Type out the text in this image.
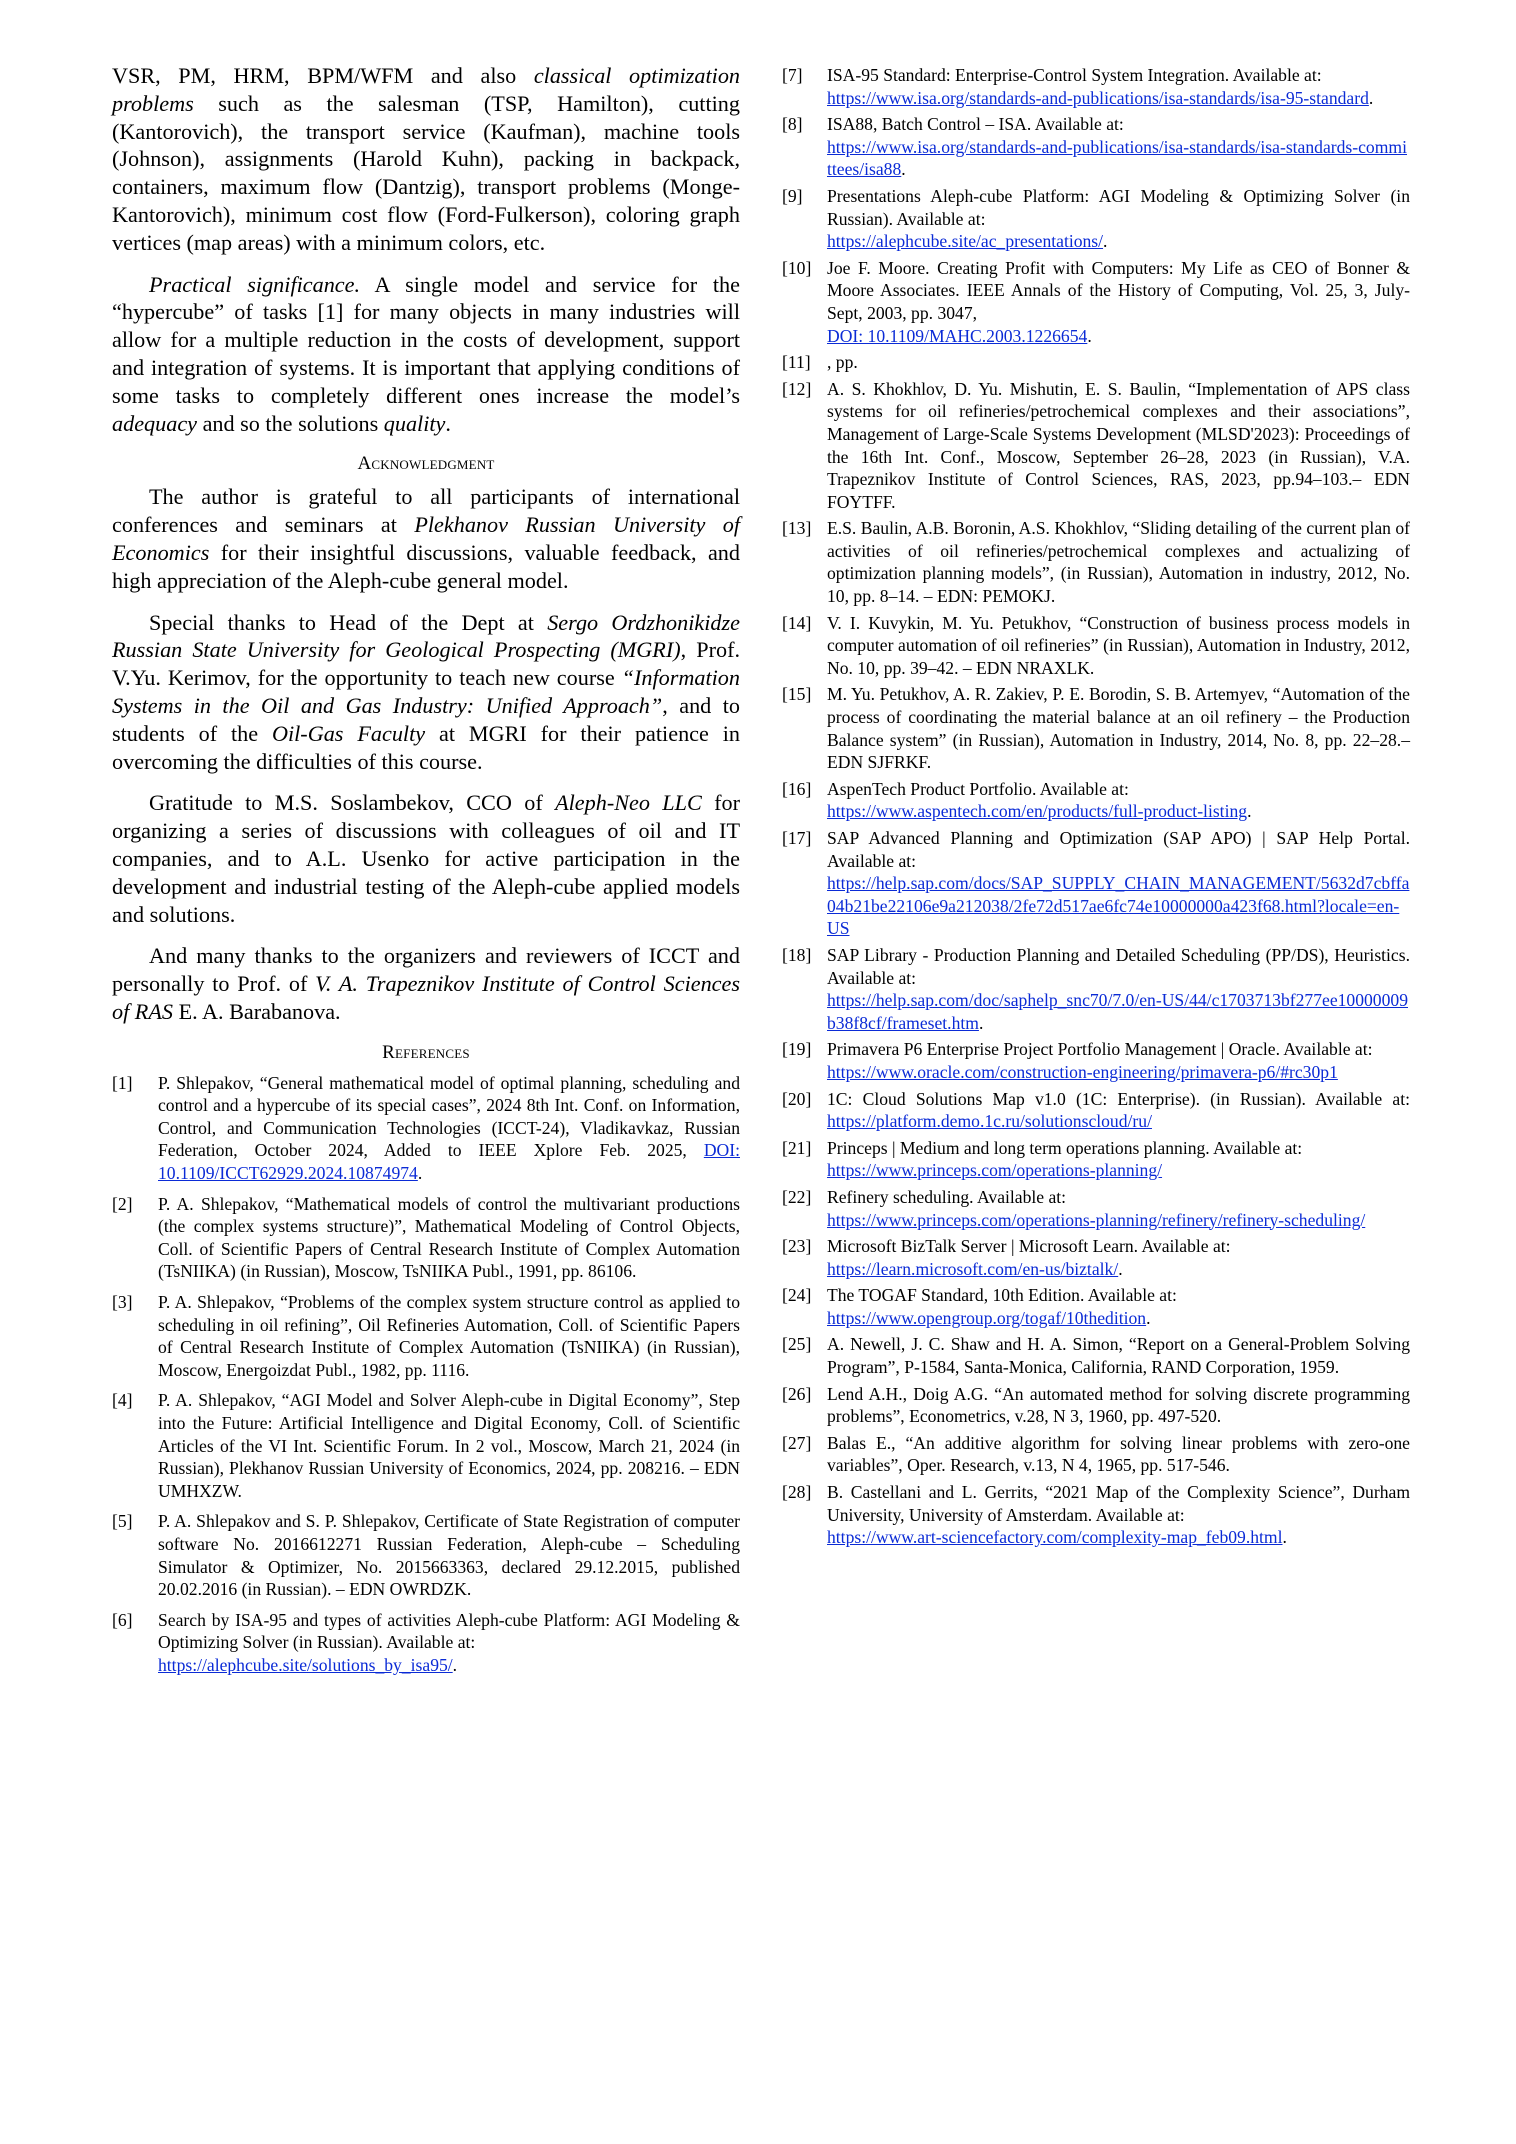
VSR, PM, HRM, BPM/WFM and also classical optimization problems such as the salesman (TSP, Hamilton), cutting (Kantorovich), the transport service (Kaufman), machine tools (Johnson), assignments (Harold Kuhn), packing in backpack, containers, maximum flow (Dantzig), transport problems (Monge-Kantorovich), minimum cost flow (Ford-Fulkerson), coloring graph vertices (map areas) with a minimum colors, etc.

Practical significance. A single model and service for the “hypercube” of tasks [1] for many objects in many industries will allow for a multiple reduction in the costs of development, support and integration of systems. It is important that applying conditions of some tasks to completely different ones increase the model’s adequacy and so the solutions quality.

Acknowledgment

The author is grateful to all participants of international conferences and seminars at Plekhanov Russian University of Economics for their insightful discussions, valuable feedback, and high appreciation of the Aleph-cube general model.

Special thanks to Head of the Dept at Sergo Ordzhonikidze Russian State University for Geological Prospecting (MGRI), Prof. V.Yu. Kerimov, for the opportunity to teach new course “Information Systems in the Oil and Gas Industry: Unified Approach”, and to students of the Oil-Gas Faculty at MGRI for their patience in overcoming the difficulties of this course.

Gratitude to M.S. Soslambekov, CCO of Aleph-Neo LLC for organizing a series of discussions with colleagues of oil and IT companies, and to A.L. Usenko for active participation in the development and industrial testing of the Aleph-cube applied models and solutions.

And many thanks to the organizers and reviewers of ICCT and personally to Prof. of V. A. Trapeznikov Institute of Control Sciences of RAS E. A. Barabanova.

References
[1] P. Shlepakov, “General mathematical model of optimal planning, scheduling and control and a hypercube of its special cases”, 2024 8th Int. Conf. on Information, Control, and Communication Technologies (ICCT-24), Vladikavkaz, Russian Federation, October 2024, Added to IEEE Xplore Feb. 2025, DOI: 10.1109/ICCT62929.2024.10874974.
[2] P. A. Shlepakov, “Mathematical models of control the multivariant productions (the complex systems structure)”, Mathematical Modeling of Control Objects, Coll. of Scientific Papers of Central Research Institute of Complex Automation (TsNIIKA) (in Russian), Moscow, TsNIIKA Publ., 1991, pp. 86106.
[3] P. A. Shlepakov, “Problems of the complex system structure control as applied to scheduling in oil refining”, Oil Refineries Automation, Coll. of Scientific Papers of Central Research Institute of Complex Automation (TsNIIKA) (in Russian), Moscow, Energoizdat Publ., 1982, pp. 1116.
[4] P. A. Shlepakov, “AGI Model and Solver Aleph-cube in Digital Economy”, Step into the Future: Artificial Intelligence and Digital Economy, Coll. of Scientific Articles of the VI Int. Scientific Forum. In 2 vol., Moscow, March 21, 2024 (in Russian), Plekhanov Russian University of Economics, 2024, pp. 208216. – EDN UMHXZW.
[5] P. A. Shlepakov and S. P. Shlepakov, Certificate of State Registration of computer software No. 2016612271 Russian Federation, Aleph-cube – Scheduling Simulator & Optimizer, No. 2015663363, declared 29.12.2015, published 20.02.2016 (in Russian). – EDN OWRDZK.
[6] Search by ISA-95 and types of activities Aleph-cube Platform: AGI Modeling & Optimizing Solver (in Russian). Available at:
https://alephcube.site/solutions_by_isa95/.
[7] ISA-95 Standard: Enterprise-Control System Integration. Available at:
https://www.isa.org/standards-and-publications/isa-standards/isa-95-standard.
[8] ISA88, Batch Control – ISA. Available at:
https://www.isa.org/standards-and-publications/isa-standards/isa-standards-committees/isa88.
[9] Presentations Aleph-cube Platform: AGI Modeling & Optimizing Solver (in Russian). Available at:
https://alephcube.site/ac_presentations/.
[10] Joe F. Moore. Creating Profit with Computers: My Life as CEO of Bonner & Moore Associates. IEEE Annals of the History of Computing, Vol. 25, 3, July-Sept, 2003, pp. 3047,
DOI: 10.1109/MAHC.2003.1226654.
[11] , pp.
[12] A. S. Khokhlov, D. Yu. Mishutin, E. S. Baulin, “Implementation of APS class systems for oil refineries/petrochemical complexes and their associations”, Management of Large-Scale Systems Development (MLSD'2023): Proceedings of the 16th Int. Conf., Moscow, September 26–28, 2023 (in Russian), V.A. Trapeznikov Institute of Control Sciences, RAS, 2023, pp.94–103.– EDN FOYTFF.
[13] E.S. Baulin, A.B. Boronin, A.S. Khokhlov, “Sliding detailing of the current plan of activities of oil refineries/petrochemical complexes and actualizing of optimization planning models”, (in Russian), Automation in industry, 2012, No. 10, pp. 8–14. – EDN: PEMOKJ.
[14] V. I. Kuvykin, M. Yu. Petukhov, “Construction of business process models in computer automation of oil refineries” (in Russian), Automation in Industry, 2012, No. 10, pp. 39–42. – EDN NRAXLK.
[15] M. Yu. Petukhov, A. R. Zakiev, P. E. Borodin, S. B. Artemyev, “Automation of the process of coordinating the material balance at an oil refinery – the Production Balance system” (in Russian), Automation in Industry, 2014, No. 8, pp. 22–28.– EDN SJFRKF.
[16] AspenTech Product Portfolio. Available at:
https://www.aspentech.com/en/products/full-product-listing.
[17] SAP Advanced Planning and Optimization (SAP APO) | SAP Help Portal. Available at:
https://help.sap.com/docs/SAP_SUPPLY_CHAIN_MANAGEMENT/5632d7cbffa04b21be22106e9a212038/2fe72d517ae6fc74e10000000a423f68.html?locale=en-US
[18] SAP Library - Production Planning and Detailed Scheduling (PP/DS), Heuristics. Available at:
https://help.sap.com/doc/saphelp_snc70/7.0/en-US/44/c1703713bf277ee10000009b38f8cf/frameset.htm.
[19] Primavera P6 Enterprise Project Portfolio Management | Oracle. Available at:
https://www.oracle.com/construction-engineering/primavera-p6/#rc30p1
[20] 1C: Cloud Solutions Map v1.0 (1C: Enterprise). (in Russian). Available at: https://platform.demo.1c.ru/solutionscloud/ru/
[21] Princeps | Medium and long term operations planning. Available at:
https://www.princeps.com/operations-planning/
[22] Refinery scheduling. Available at:
https://www.princeps.com/operations-planning/refinery/refinery-scheduling/
[23] Microsoft BizTalk Server | Microsoft Learn. Available at:
https://learn.microsoft.com/en-us/biztalk/.
[24] The TOGAF Standard, 10th Edition. Available at:
https://www.opengroup.org/togaf/10thedition.
[25] A. Newell, J. C. Shaw and H. A. Simon, “Report on a General-Problem Solving Program”, P-1584, Santa-Monica, California, RAND Corporation, 1959.
[26] Lend A.H., Doig A.G. “An automated method for solving discrete programming problems”, Econometrics, v.28, N 3, 1960, pp. 497-520.
[27] Balas E., “An additive algorithm for solving linear problems with zero-one variables”, Oper. Research, v.13, N 4, 1965, pp. 517-546.
[28] B. Castellani and L. Gerrits, “2021 Map of the Complexity Science”, Durham University, University of Amsterdam. Available at:
https://www.art-sciencefactory.com/complexity-map_feb09.html.
